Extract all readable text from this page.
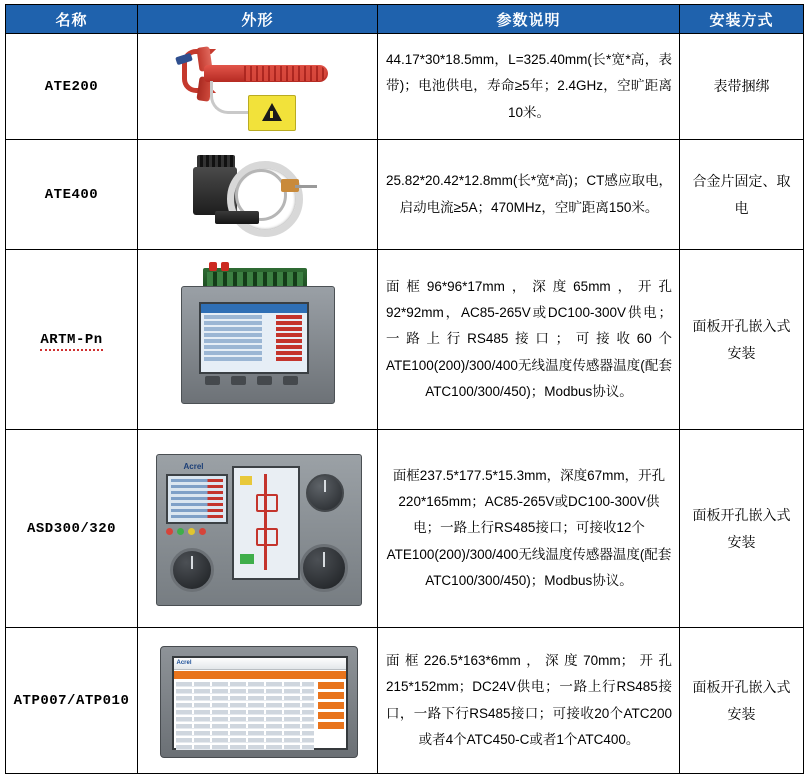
名称	外形	参数说明	安装方式
ATE200		44.17*30*18.5mm，L=325.40mm(长*宽*高，表带)；电池供电，寿命≥5年；2.4GHz，空旷距离10米。	表带捆绑
ATE400		25.82*20.42*12.8mm(长*宽*高)；CT感应取电，启动电流≥5A；470MHz，空旷距离150米。	合金片固定、取电
ARTM-Pn		面框96*96*17mm，深度65mm，开孔92*92mm，AC85-265V或DC100-300V供电；一路上行RS485接口；可接收60个ATE100(200)/300/400无线温度传感器温度(配套ATC100/300/450)；Modbus协议。	面板开孔嵌入式安装
ASD300/320	Acrel	面框237.5*177.5*15.3mm，深度67mm，开孔220*165mm；AC85-265V或DC100-300V供电；一路上行RS485接口；可接收12个ATE100(200)/300/400无线温度传感器温度(配套ATC100/300/450)；Modbus协议。	面板开孔嵌入式安装
ATP007/ATP010	Acrel	面框226.5*163*6mm，深度70mm；开孔215*152mm；DC24V供电；一路上行RS485接口，一路下行RS485接口；可接收20个ATC200或者4个ATC450-C或者1个ATC400。	面板开孔嵌入式安装
